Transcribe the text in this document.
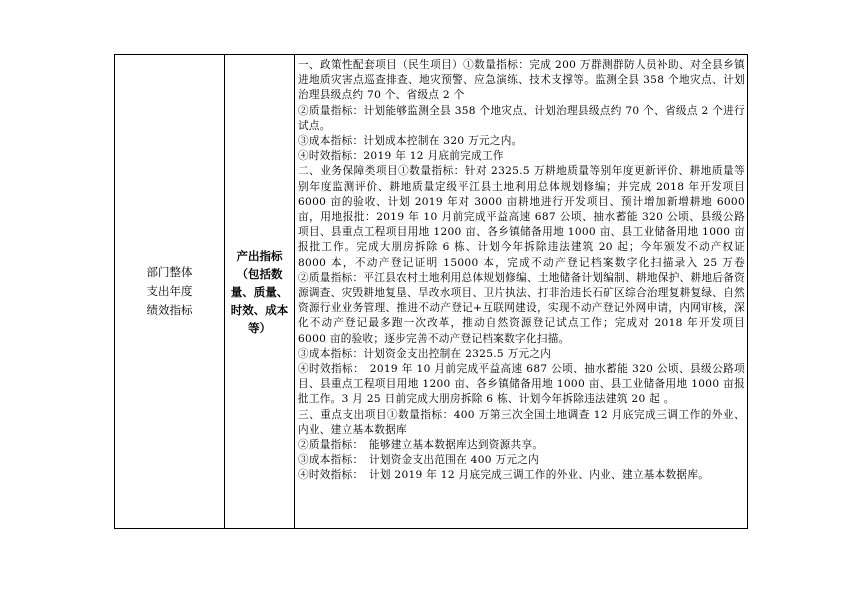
部门整体
支出年度
绩效指标
产出指标
（包括数
量、质量、
时效、成本
等）

一、政策性配套项目（民生项目）①数量指标：完成 200 万群测群防人员补助、对全县乡镇进地质灾害点巡查排查、地灾预警、应急演练、技术支撑等。监测全县 358 个地灾点、计划治理县级点约 70 个、省级点 2 个

②质量指标：计划能够监测全县 358 个地灾点、计划治理县级点约 70 个、省级点 2 个进行试点。

③成本指标：计划成本控制在 320 万元之内。

④时效指标：2019 年 12 月底前完成工作

二、业务保障类项目①数量指标：针对 2325.5 万耕地质量等别年度更新评价、耕地质量等别年度监测评价、耕地质量定级平江县土地利用总体规划修编；并完成 2018 年开发项目 6000 亩的验收、计划 2019 年对 3000 亩耕地进行开发项目、预计增加新增耕地 6000 亩，用地报批：2019 年 10 月前完成平益高速 687 公顷、抽水蓄能 320 公顷、县级公路项目、县重点工程项目用地 1200 亩、各乡镇储备用地 1000 亩、县工业储备用地 1000 亩报批工作。完成大朋房拆除 6 栋、计划今年拆除违法建筑 20 起；今年颁发不动产权证 8000 本，不动产登记证明 15000 本，完成不动产登记档案数字化扫描录入 25 万卷　　　　　　②质量指标：平江县农村土地利用总体规划修编、土地储备计划编制、耕地保护、耕地后备资源调查、灾毁耕地复垦、旱改水项目、卫片执法、打非治违长石矿区综合治理复耕复绿、自然资源行业业务管理、推进不动产登记+互联网建设，实现不动产登记外网申请，内网审核，深化不动产登记最多跑一次改革，推动自然资源登记试点工作；完成对 2018 年开发项目 6000 亩的验收；逐步完善不动产登记档案数字化扫描。

③成本指标：计划资金支出控制在 2325.5 万元之内

④时效指标：　2019 年 10 月前完成平益高速 687 公顷、抽水蓄能 320 公顷、县级公路项目、县重点工程项目用地 1200 亩、各乡镇储备用地 1000 亩、县工业储备用地 1000 亩报批工作。3 月 25 日前完成大朋房拆除 6 栋、计划今年拆除违法建筑 20 起 。

三、重点支出项目①数量指标：400 万第三次全国土地调查 12 月底完成三调工作的外业、内业、建立基本数据库

②质量指标：　能够建立基本数据库达到资源共享。

③成本指标：　计划资金支出范围在 400 万元之内

④时效指标：　计划 2019 年 12 月底完成三调工作的外业、内业、建立基本数据库。
